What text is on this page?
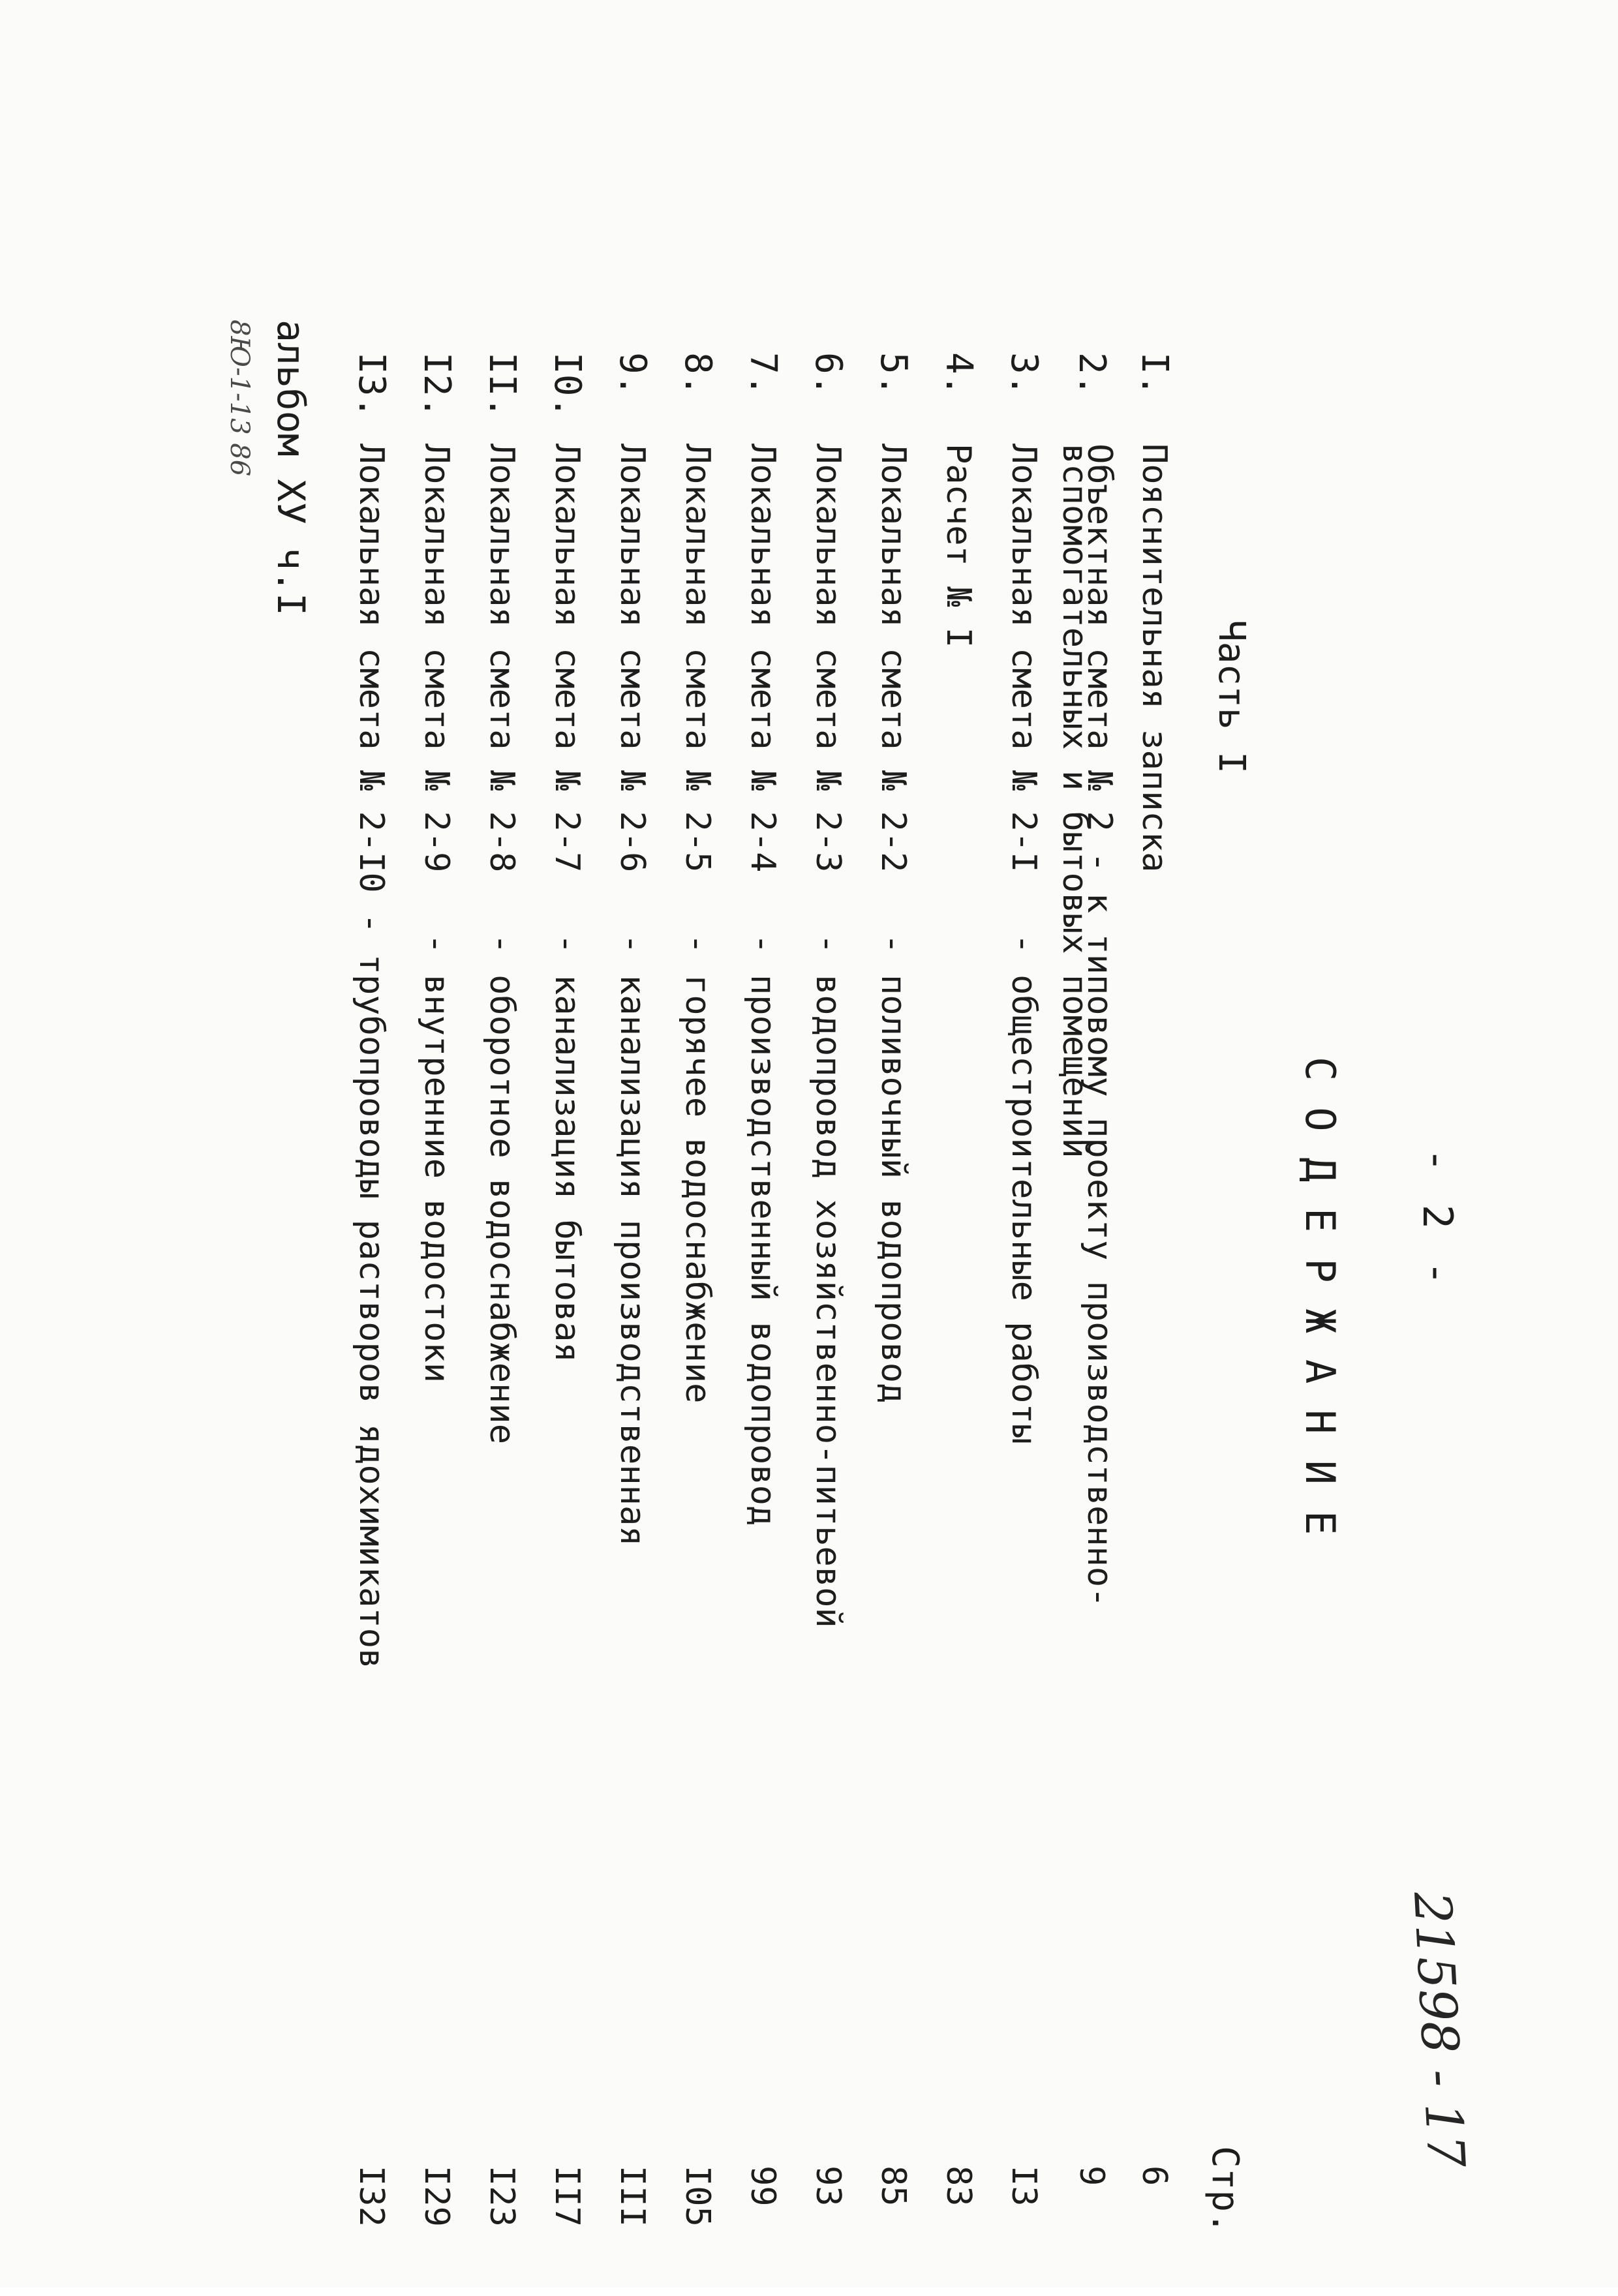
- 2 -
21598 - 17
СОДЕРЖАНИЕ
Часть I
Стр.
I.
Пояснительная записка
6
2.
Объектная смета № 2 - к типовому проекту производственно-
вспомогательных и бытовых помещений
9
3.
Локальная смета № 2-I   - общестроительные работы
I3
4.
Расчет № I
83
5.
Локальная смета № 2-2   - поливочный водопровод
85
6.
Локальная смета № 2-3   - водопровод хозяйственно-питьевой
93
7.
Локальная смета № 2-4   - производственный водопровод
99
8.
Локальная смета № 2-5   - горячее водоснабжение
I05
9.
Локальная смета № 2-6   - канализация производственная
III
I0.
Локальная смета № 2-7   - канализация бытовая
II7
II.
Локальная смета № 2-8   - оборотное водоснабжение
I23
I2.
Локальная смета № 2-9   - внутренние водостоки
I29
I3.
Локальная смета № 2-I0 - трубопроводы растворов ядохимикатов
I32
альбом ХУ ч.I
8Ю-1-13 86
